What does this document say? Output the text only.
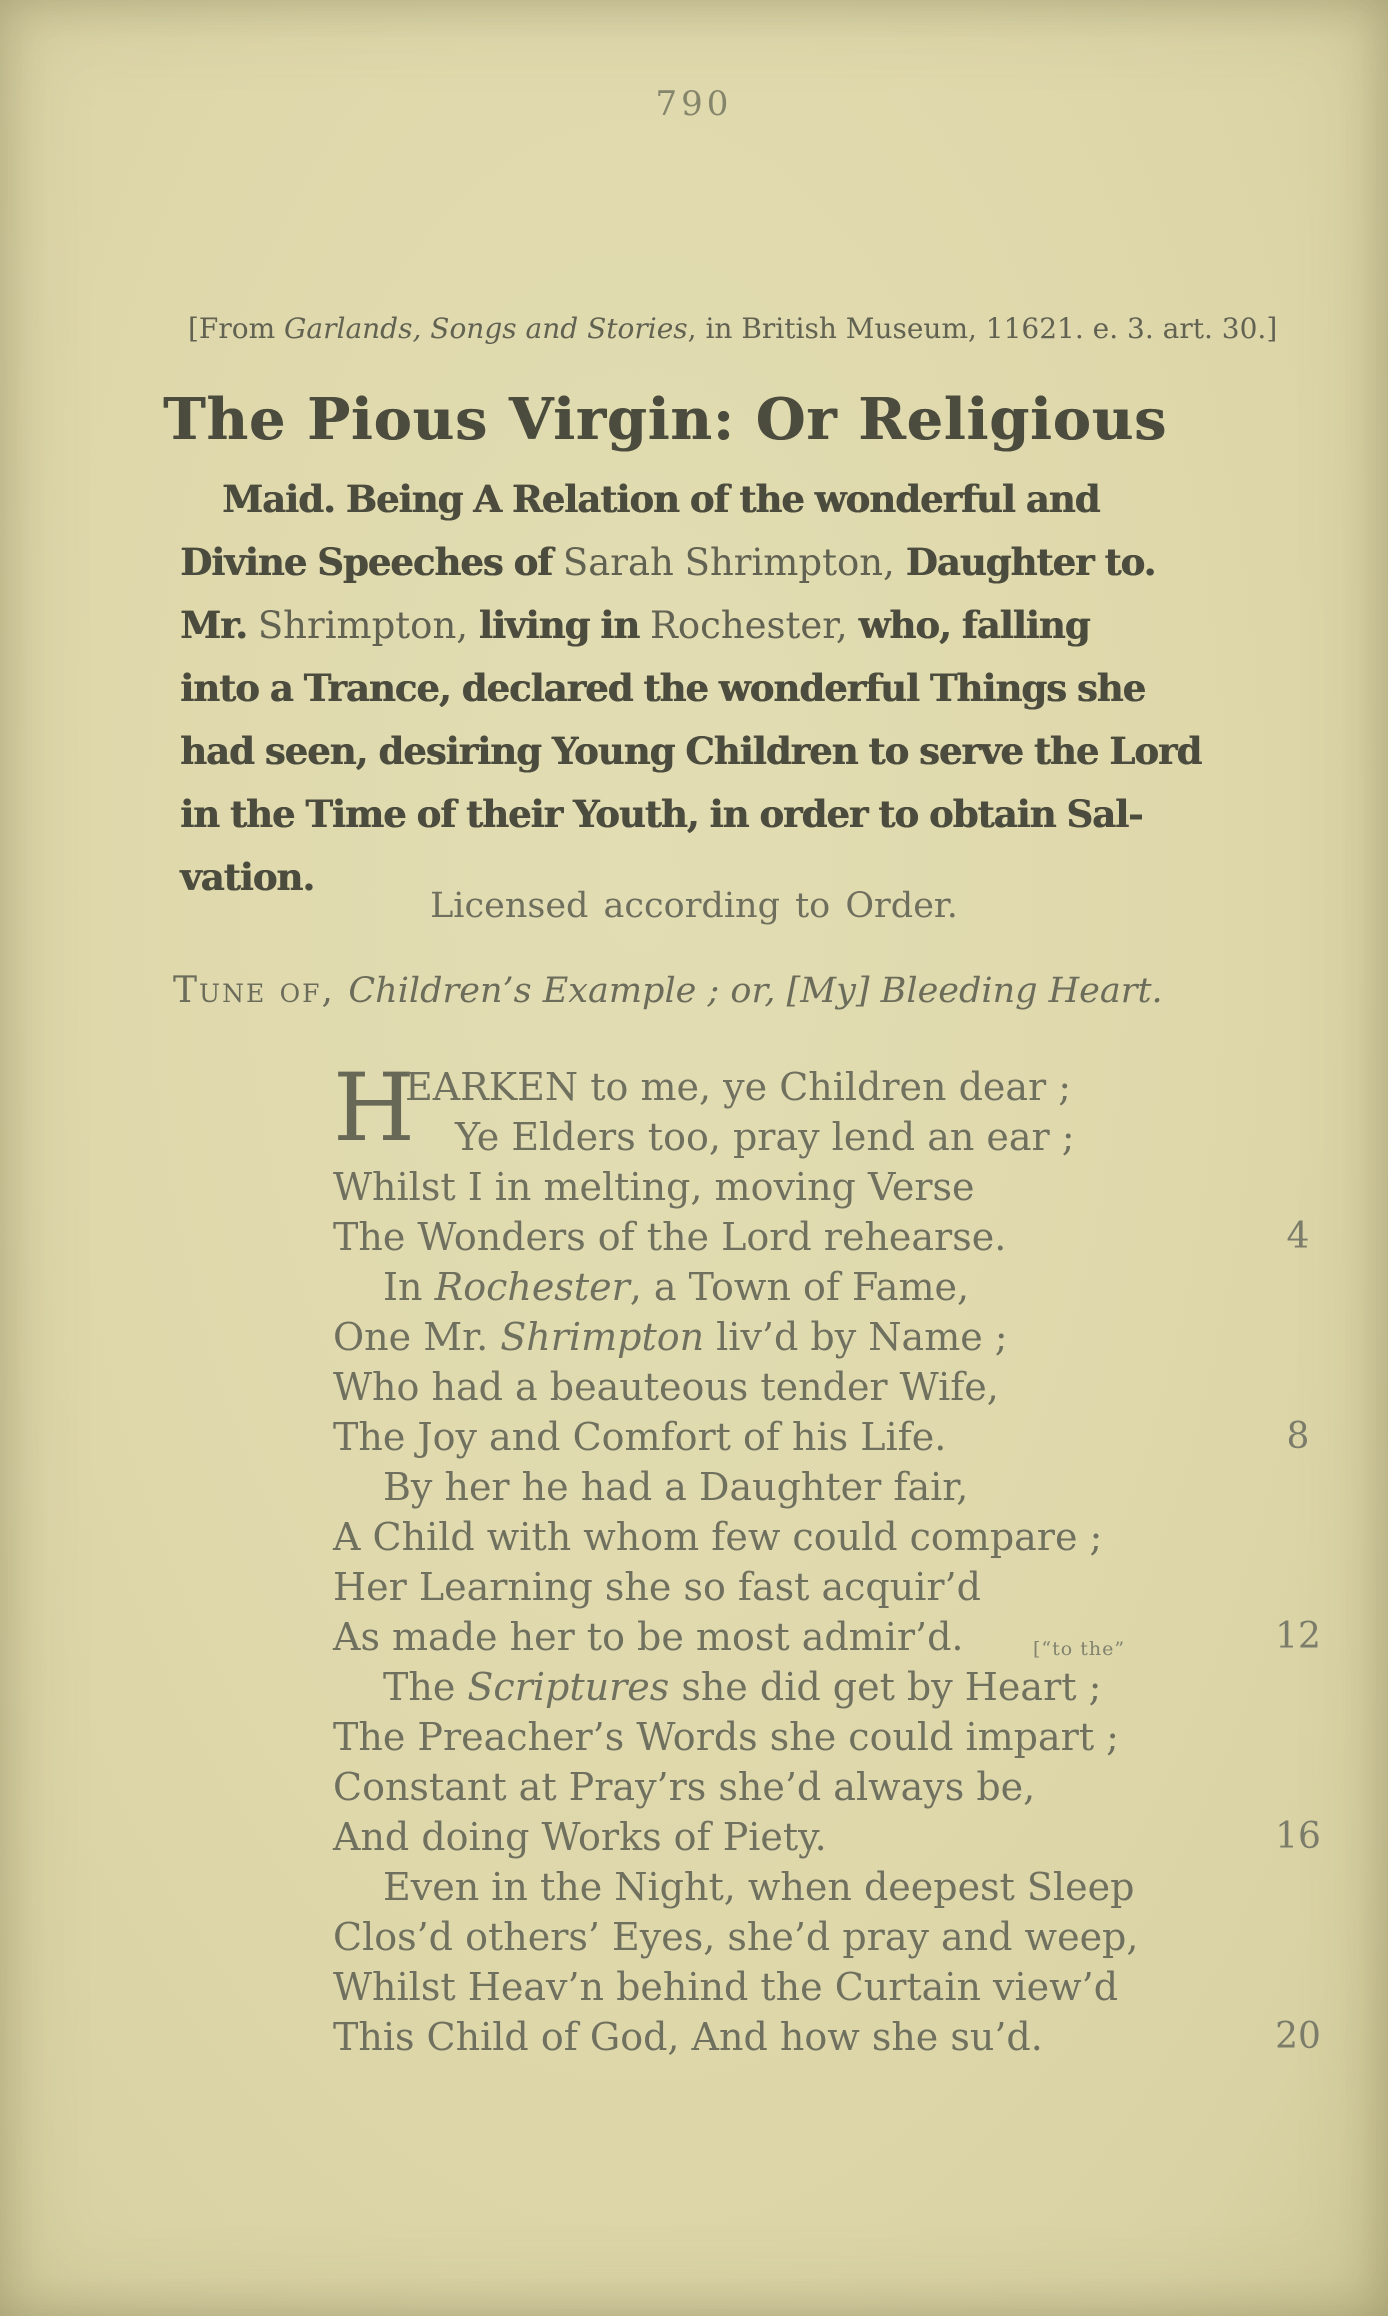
790
[From Garlands, Songs and Stories, in British Museum, 11621. e. 3. art. 30.]
The Pious Virgin: Or Religious
Maid. Being A Relation of the wonderful and
Divine Speeches of Sarah Shrimpton, Daughter to.
Mr. Shrimpton, living in Rochester, who, falling
into a Trance, declared the wonderful Things she
had seen, desiring Young Children to serve the Lord
in the Time of their Youth, in order to obtain Sal-
vation.
Licensed according to Order.
Tune of, Children’s Example ; or, [My] Bleeding Heart.
H
EARKEN to me, ye Children dear ;
Ye Elders too, pray lend an ear ;
Whilst I in melting, moving Verse
The Wonders of the Lord rehearse.	4
In Rochester, a Town of Fame,
One Mr. Shrimpton liv’d by Name ;
Who had a beauteous tender Wife,
The Joy and Comfort of his Life.	8
By her he had a Daughter fair,
A Child with whom few could compare ;
Her Learning she so fast acquir’d
As made her to be most admir’d.	[“to the”	12
The Scriptures she did get by Heart ;
The Preacher’s Words she could impart ;
Constant at Pray’rs she’d always be,
And doing Works of Piety.	16
Even in the Night, when deepest Sleep
Clos’d others’ Eyes, she’d pray and weep,
Whilst Heav’n behind the Curtain view’d
This Child of God, And how she su’d.	20
